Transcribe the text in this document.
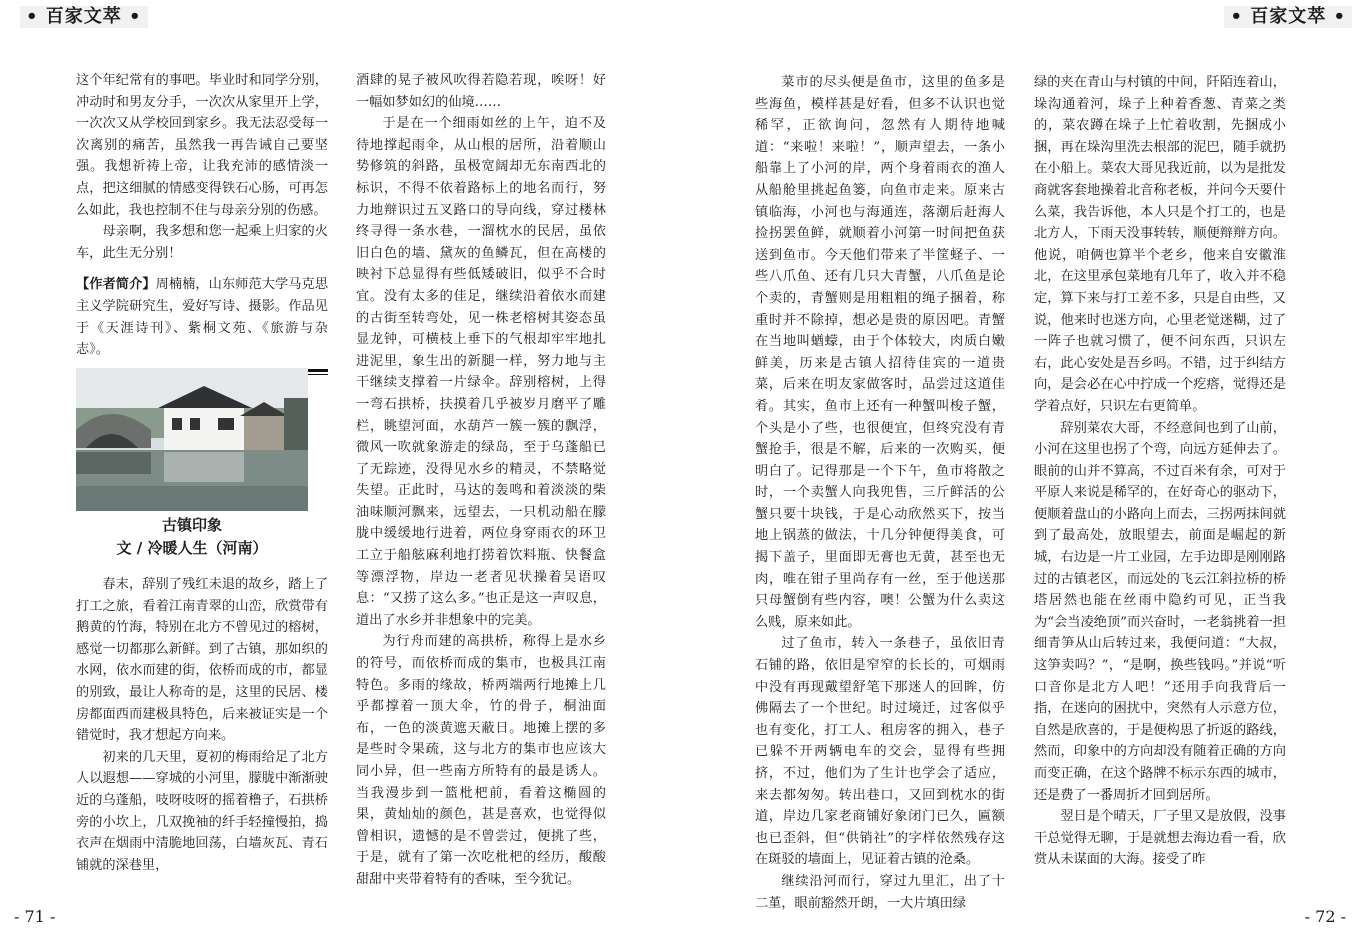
• 百家文萃 •	• 百家文萃 •

这个年纪常有的事吧。毕业时和同学分别，冲动时和男友分手，一次次从家里开上学，一次次又从学校回到家乡。我无法忍受每一次离别的痛苦，虽然我一再告诫自己要坚强。我想祈祷上帝，让我充沛的感情淡一点，把这细腻的情感变得铁石心肠，可再怎么如此，我也控制不住与母亲分别的伤感。

母亲啊，我多想和您一起乘上归家的火车，此生无分别！

【作者简介】周楠楠，山东师范大学马克思主义学院研究生，爱好写诗、摄影。作品见于《天涯诗刊》、紫桐文苑、《旅游与杂志》。

古镇印象
文 / 冷暖人生（河南）

春末，辞别了残红未退的故乡，踏上了打工之旅，看着江南青翠的山峦，欣赏带有鹅黄的竹海，特别在北方不曾见过的榕树，感觉一切都那么新鲜。到了古镇，那如织的水网，依水而建的街，依桥而成的市，都显的别致，最让人称奇的是，这里的民居、楼房都面西而建极具特色，后来被证实是一个错觉时，我才想起方向来。

初来的几天里，夏初的梅雨给足了北方人以遐想——穿城的小河里，朦胧中渐渐驶近的乌蓬船，吱呀吱呀的摇着橹子，石拱桥旁的小坎上，几双挽袖的纤手轻撞慢拍，捣衣声在烟雨中清脆地回荡，白墙灰瓦、青石铺就的深巷里，

酒肆的晃子被风吹得若隐若现，唉呀！好一幅如梦如幻的仙境……

于是在一个细雨如丝的上午，迫不及待地撑起雨伞，从山根的居所，沿着顺山势修筑的斜路，虽极宽阔却无东南西北的标识，不得不依着路标上的地名而行，努力地辩识过五叉路口的导向线，穿过楼林终寻得一条水巷，一溜枕水的民居，虽依旧白色的墙、黛灰的鱼鳞瓦，但在高楼的映衬下总显得有些低矮破旧，似乎不合时宜。没有太多的佳足，继续沿着依水而建的古街至转弯处，见一株老榕树其姿态虽显龙钟，可横枝上垂下的气根却牢牢地扎进泥里，象生出的新腿一样，努力地与主干继续支撑着一片绿伞。辞别榕树，上得一弯石拱桥，扶摸着几乎被岁月磨平了雕栏，眺望河面，水葫芦一簇一簇的飘浮，微风一吹就象游走的绿岛，至于乌蓬船已了无踪迹，没得见水乡的精灵，不禁略觉失望。正此时，马达的轰鸣和着淡淡的柴油味顺河飘来，远望去，一只机动船在朦胧中缓缓地行进着，两位身穿雨衣的环卫工立于船舷麻利地打捞着饮料瓶、快餐盒等漂浮物，岸边一老者见状操着吴语叹息：“又捞了这么多。”也正是这一声叹息，道出了水乡并非想象中的完美。

为行舟而建的高拱桥，称得上是水乡的符号，而依桥而成的集市，也极具江南特色。多雨的缘故，桥两端两行地摊上几乎都撑着一顶大伞，竹的骨子，桐油面布，一色的淡黄遮天蔽日。地摊上摆的多是些时令果疏，这与北方的集市也应该大同小异，但一些南方所特有的最是诱人。当我漫步到一篮枇杷前，看着这椭圆的果，黄灿灿的颜色，甚是喜欢，也觉得似曾相识，遗憾的是不曾尝过，便挑了些，于是，就有了第一次吃枇杷的经历，酸酸甜甜中夹带着特有的香味，至今犹记。

菜市的尽头便是鱼市，这里的鱼多是些海鱼，模样甚是好看，但多不认识也觉稀罕，正欲询问，忽然有人期待地喊道：“来啦！来啦！”，顺声望去，一条小船靠上了小河的岸，两个身着雨衣的渔人从船舱里挑起鱼篓，向鱼市走来。原来古镇临海，小河也与海通连，落潮后赶海人捡拐罢鱼鲜，就顺着小河第一时间把鱼获送到鱼市。今天他们带来了半筐蛏子、一些八爪鱼、还有几只大青蟹，八爪鱼是论个卖的，青蟹则是用粗粗的绳子捆着，称重时并不除掉，想必是贵的原因吧。青蟹在当地叫蝤蠓，由于个体较大，肉质白嫩鲜美，历来是古镇人招待佳宾的一道贵菜，后来在明友家做客时，品尝过这道佳肴。其实，鱼市上还有一种蟹叫梭子蟹，个头是小了些，也很便宜，但终究没有青蟹抢手，很是不解，后来的一次购买，便明白了。记得那是一个下午，鱼市将散之时，一个卖蟹人向我兜售，三斤鲜活的公蟹只要十块钱，于是心动欣然买下，按当地上锅蒸的做法，十几分钟便得美食，可揭下盖子，里面即无膏也无黄，甚至也无肉，唯在钳子里尚存有一丝，至于他送那只母蟹倒有些内容，噢！公蟹为什么卖这么贱，原来如此。

过了鱼市，转入一条巷子，虽依旧青石铺的路，依旧是窄窄的长长的，可烟雨中没有再现戴望舒笔下那迷人的回眸，仿佛隔去了一个世纪。时过境迁，过客似乎也有变化，打工人、租房客的拥入，巷子已躲不开两辆电车的交会，显得有些拥挤，不过，他们为了生计也学会了适应，来去都匆匆。转出巷口，又回到枕水的街道，岸边几家老商铺好象闭门已久，匾额也已歪斜，但“供销社”的字样依然残存这在斑驳的墙面上，见证着古镇的沧桑。

继续沿河而行，穿过九里汇，出了十二堇，眼前豁然开朗，一大片填田绿

绿的夹在青山与村镇的中间，阡陌连着山，垛沟通着河，垛子上种着香葱、青菜之类的，菜农蹲在垛子上忙着收割，先捆成小捆，再在垛沟里洗去根部的泥巴，随手就扔在小船上。菜农大哥见我近前，以为是批发商就客套地操着北音称老板，并问今天要什么菜，我告诉他，本人只是个打工的，也是北方人，下雨天没事转转，顺便辩辩方向。他说，咱俩也算半个老乡，他来自安徽淮北，在这里承包菜地有几年了，收入并不稳定，算下来与打工差不多，只是自由些，又说，他来时也迷方向，心里老觉迷糊，过了一阵子也就习惯了，便不问东西，只识左右，此心安处是吾乡吗。不错，过于纠结方向，是会必在心中拧成一个疙瘩，觉得还是学着点好，只识左右更简单。

辞别菜农大哥，不经意间也到了山前，小河在这里也拐了个弯，向远方延伸去了。眼前的山并不算高，不过百米有余，可对于平原人来说是稀罕的，在好奇心的驱动下，便顺着盘山的小路向上而去，三拐两抹间就到了最高处，放眼望去，前面是崛起的新城，右边是一片工业园，左手边即是刚刚路过的古镇老区，而远处的飞云江斜拉桥的桥塔居然也能在丝雨中隐约可见，正当我为“会当凌绝顶”而兴奋时，一老翁挑着一担细青笋从山后转过来，我便问道：“大叔，这笋卖吗？”，“是啊，换些钱吗。”并说“听口音你是北方人吧！”还用手向我背后一指，在迷向的困扰中，突然有人示意方位，自然是欣喜的，于是便构思了折返的路线，然而，印象中的方向却没有随着正确的方向而变正确，在这个路牌不标示东西的城市，还是费了一番周折才回到居所。

翌日是个晴天，厂子里又是放假，没事干总觉得无聊，于是就想去海边看一看，欣赏从未谋面的大海。接受了昨

- 71 -	- 72 -
